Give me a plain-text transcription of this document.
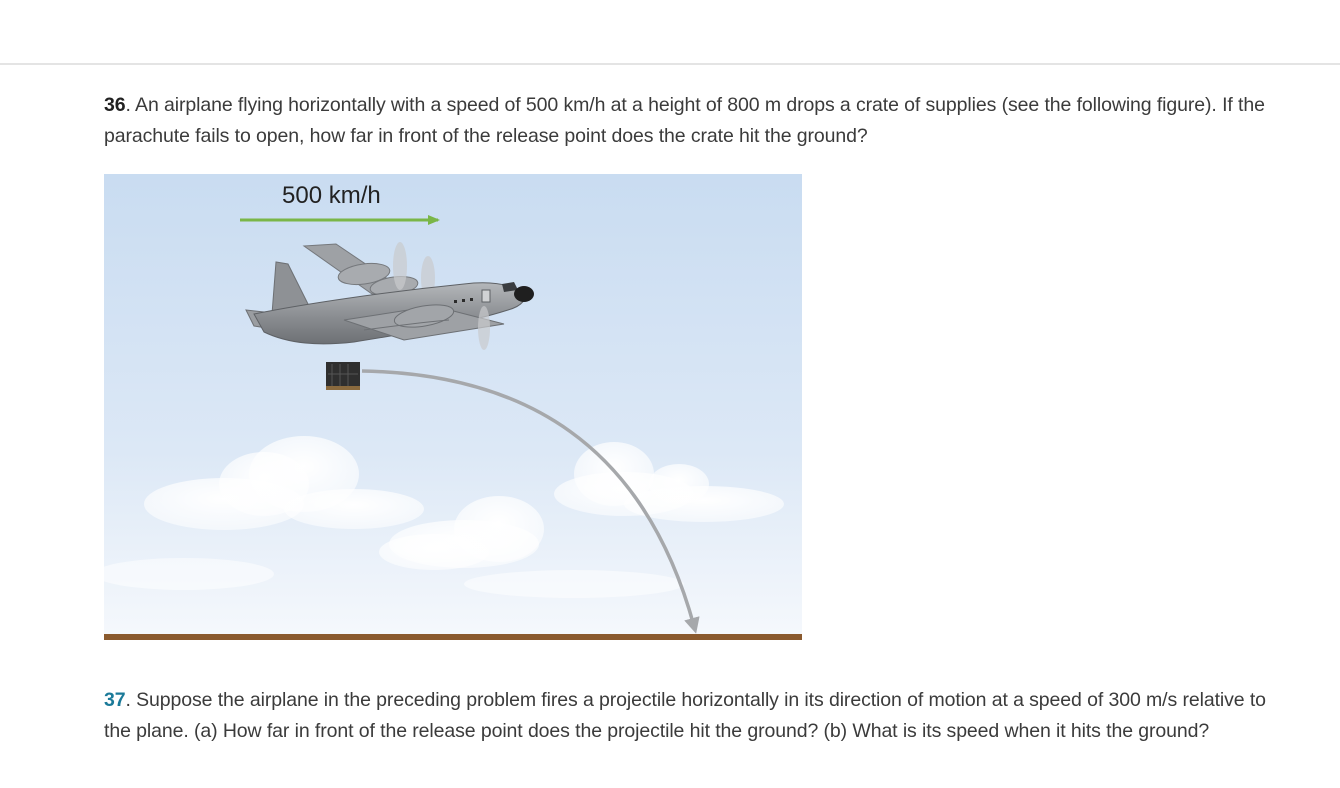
36. An airplane flying horizontally with a speed of 500 km/h at a height of 800 m drops a crate of supplies (see the following figure). If the parachute fails to open, how far in front of the release point does the crate hit the ground?

500 km/h

37. Suppose the airplane in the preceding problem fires a projectile horizontally in its direction of motion at a speed of 300 m/s relative to the plane. (a) How far in front of the release point does the projectile hit the ground? (b) What is its speed when it hits the ground?
